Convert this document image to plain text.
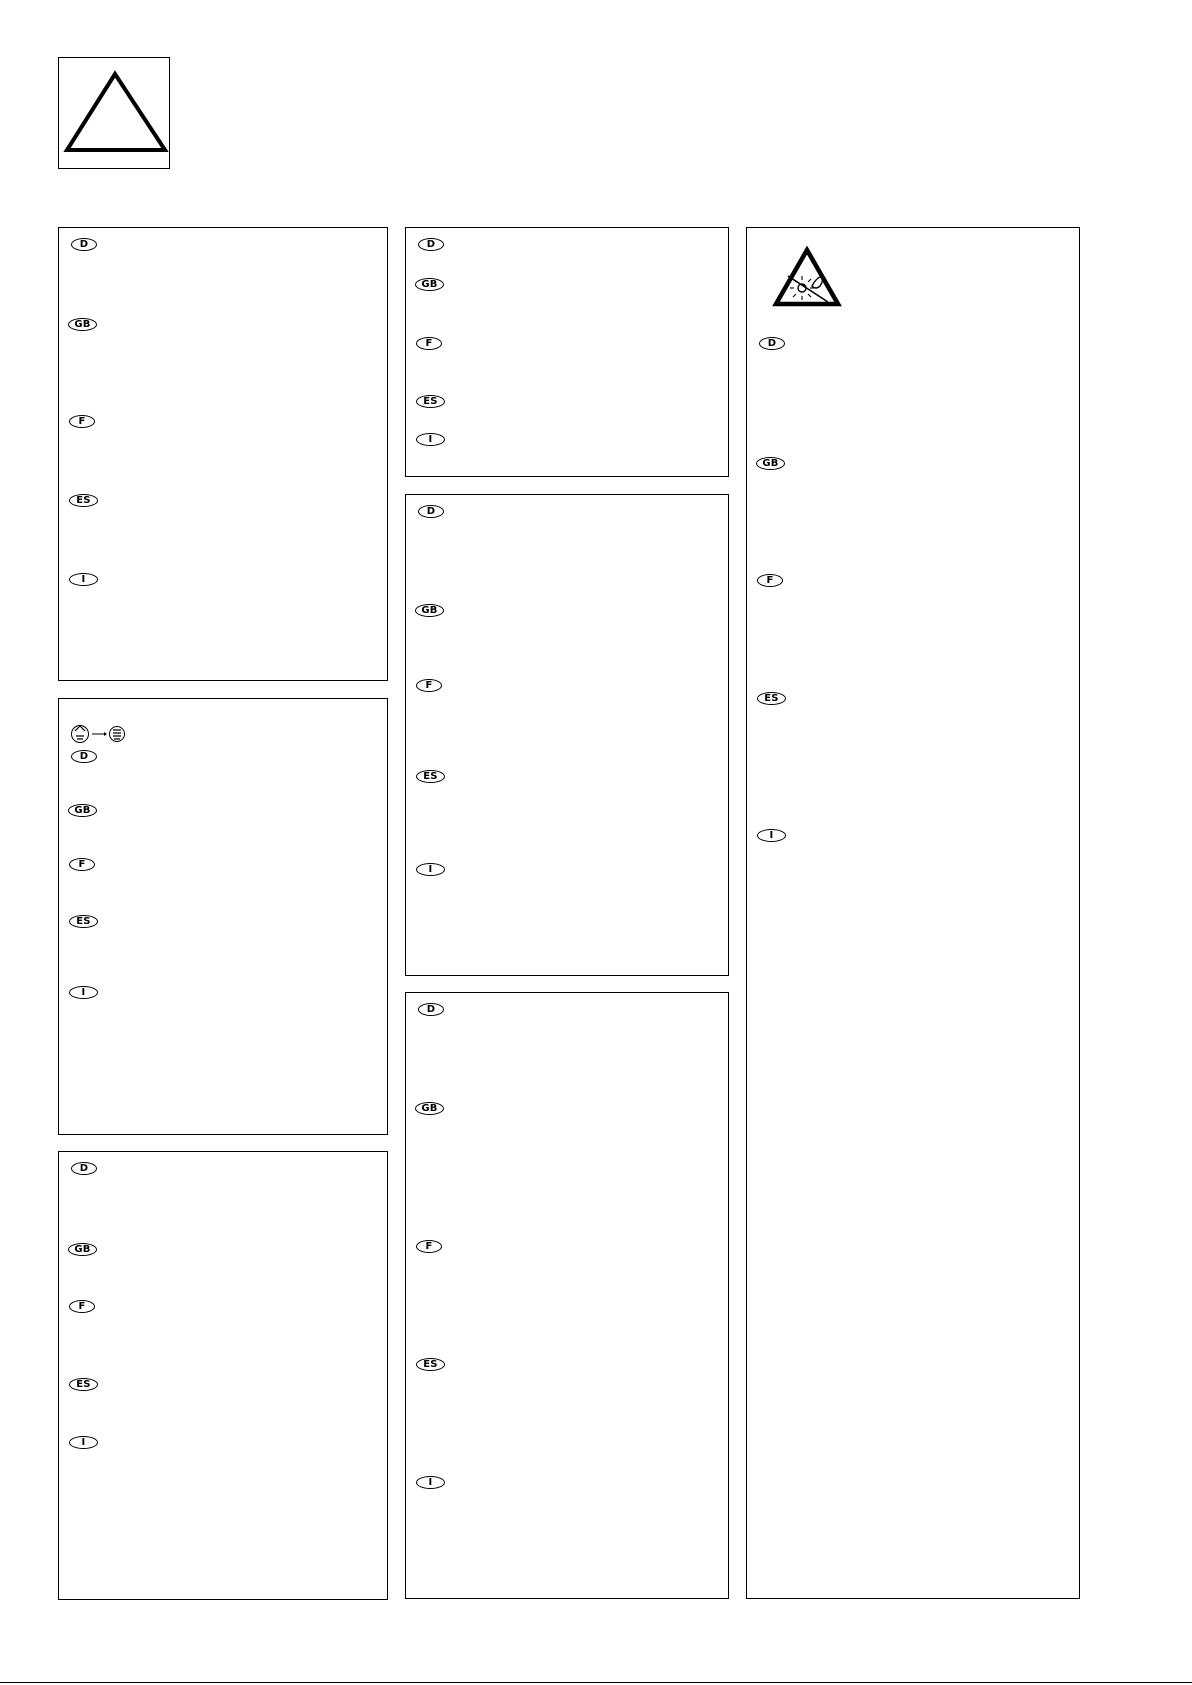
D
GB
F
ES
I
D
GB
F
ES
I
D
GB
F
ES
I
D
GB
F
ES
I
D
GB
F
ES
I
D
GB
F
ES
I
D
GB
F
ES
I
